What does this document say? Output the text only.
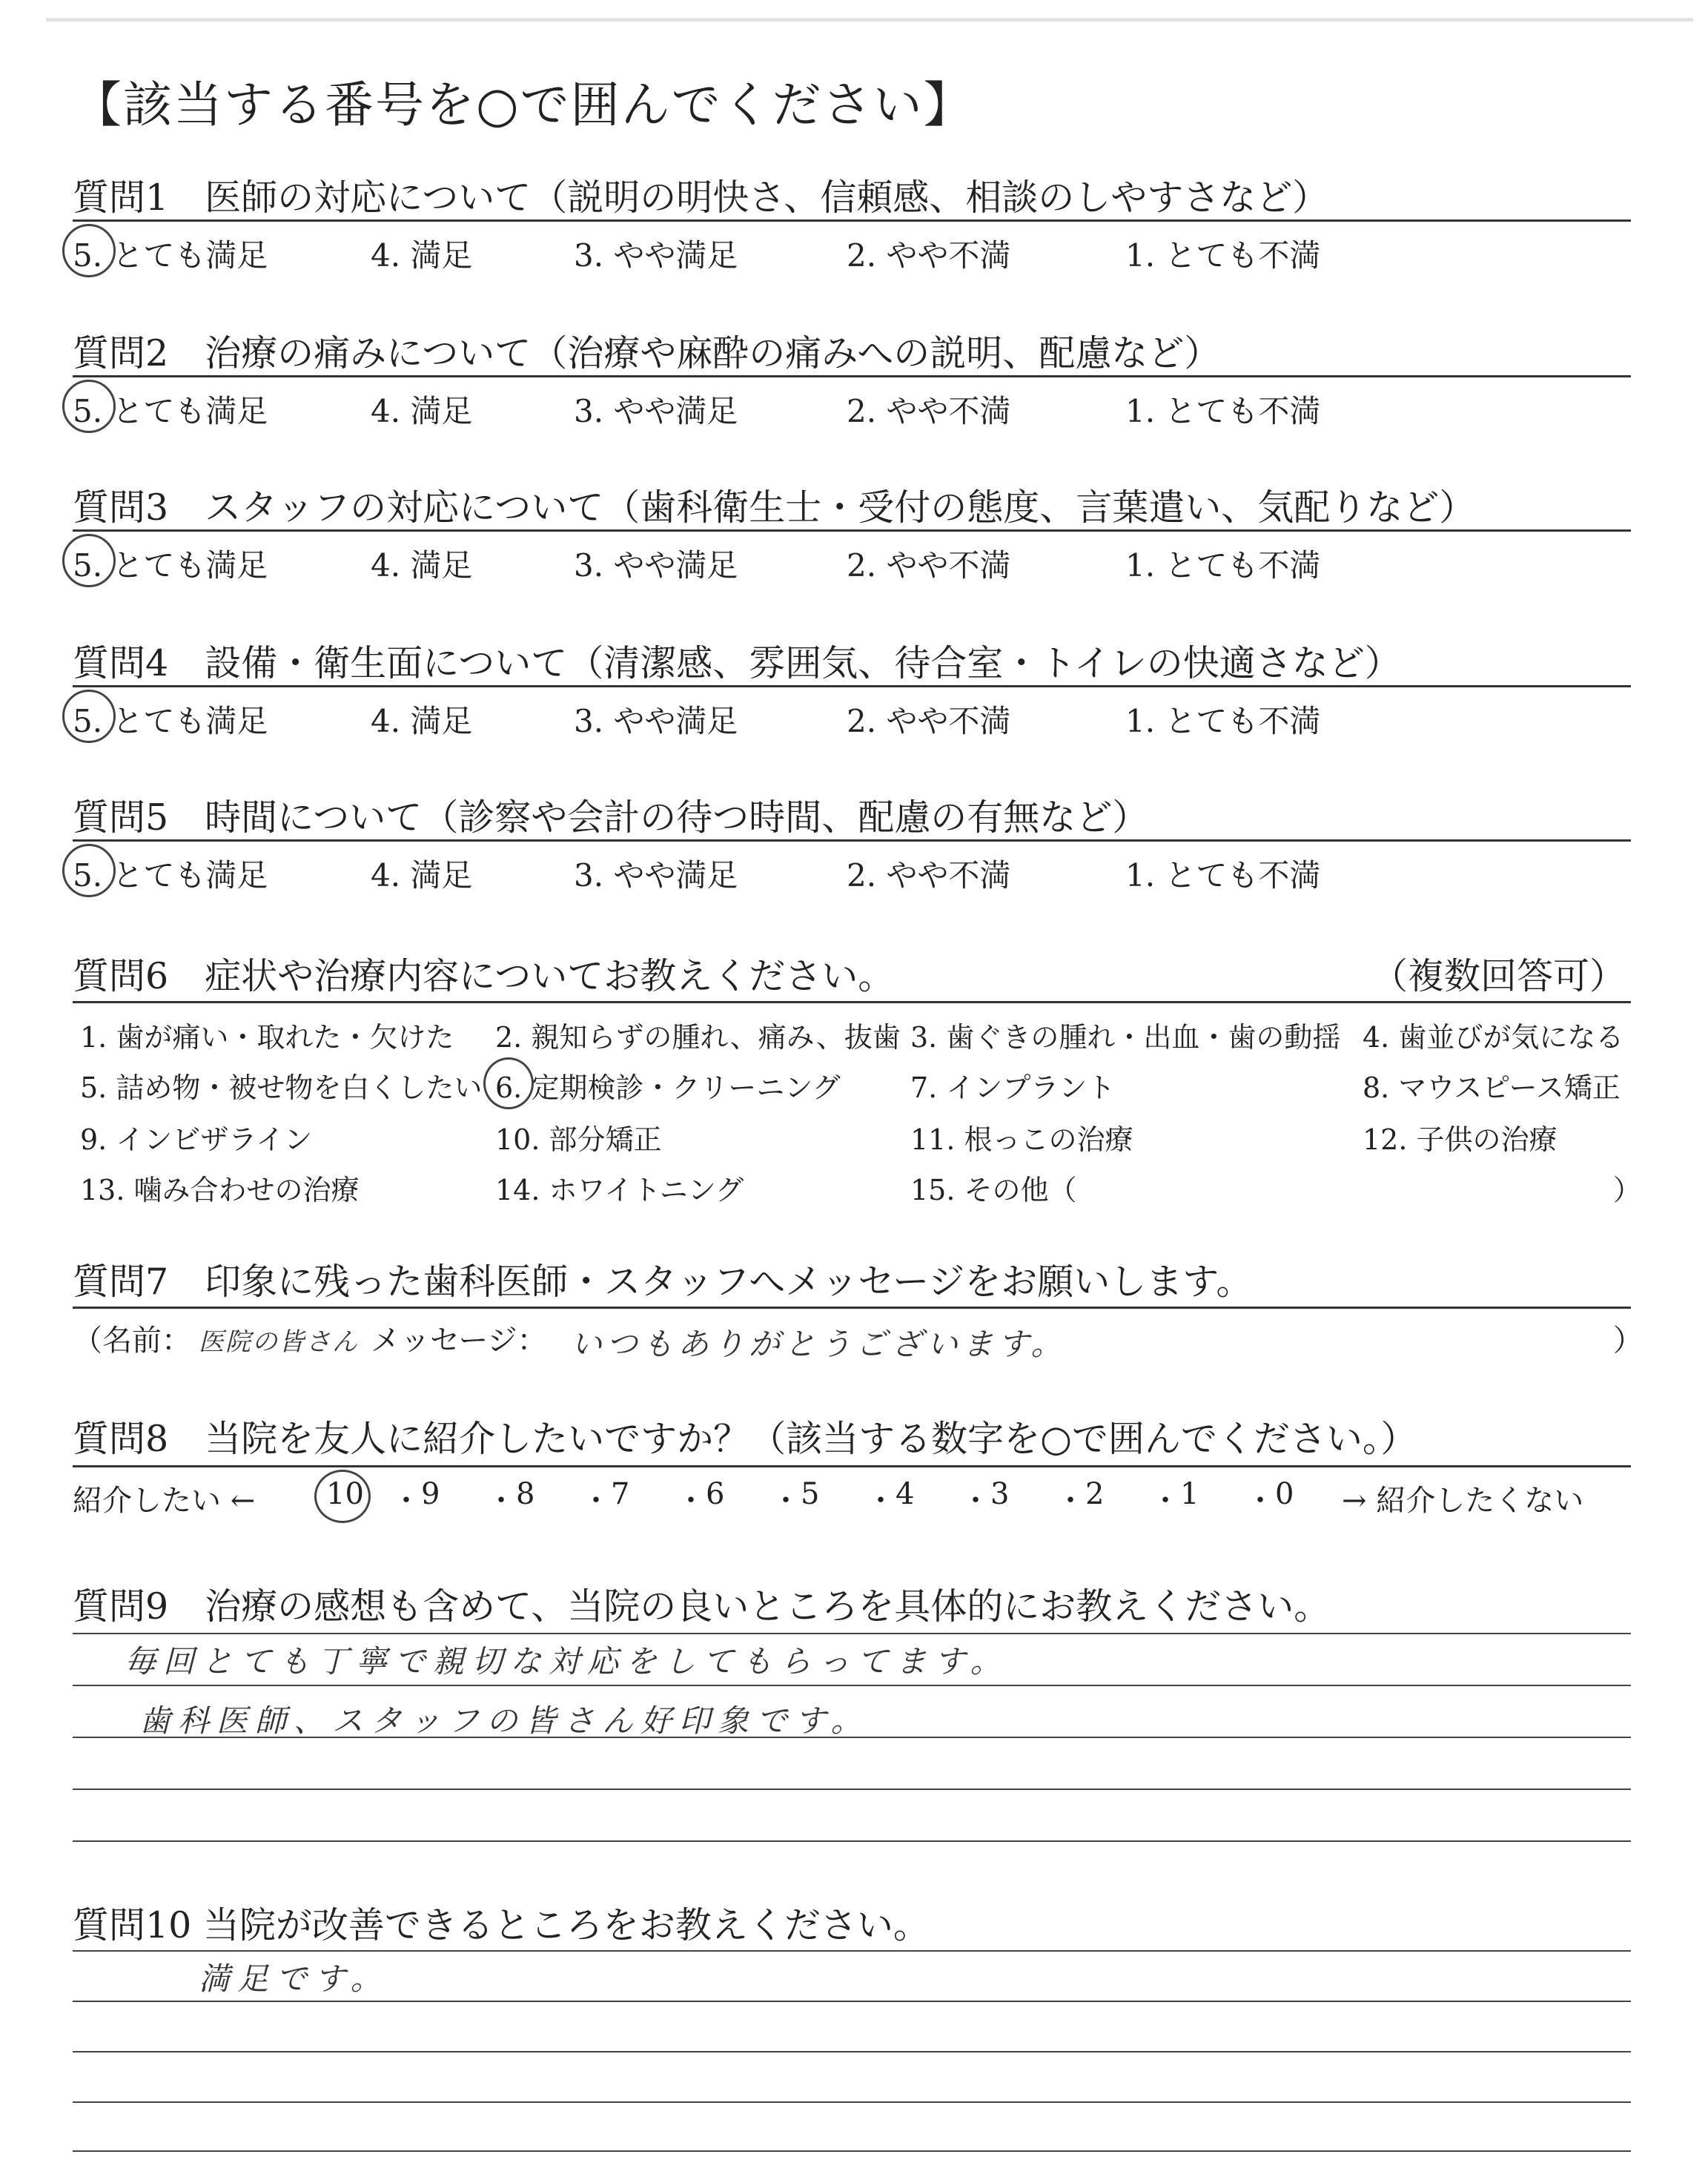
【該当する番号を○で囲んでください】
質問1　医師の対応について（説明の明快さ、信頼感、相談のしやすさなど）
5. とても満足	4. 満足	3. やや満足	2. やや不満	1. とても不満
質問2　治療の痛みについて（治療や麻酔の痛みへの説明、配慮など）
5. とても満足	4. 満足	3. やや満足	2. やや不満	1. とても不満
質問3　スタッフの対応について（歯科衛生士・受付の態度、言葉遣い、気配りなど）
5. とても満足	4. 満足	3. やや満足	2. やや不満	1. とても不満
質問4　設備・衛生面について（清潔感、雰囲気、待合室・トイレの快適さなど）
5. とても満足	4. 満足	3. やや満足	2. やや不満	1. とても不満
質問5　時間について（診察や会計の待つ時間、配慮の有無など）
5. とても満足	4. 満足	3. やや満足	2. やや不満	1. とても不満
質問6　症状や治療内容についてお教えください。	（複数回答可）
1. 歯が痛い・取れた・欠けた 2. 親知らずの腫れ、痛み、抜歯 3. 歯ぐきの腫れ・出血・歯の動揺 4. 歯並びが気になる
5. 詰め物・被せ物を白くしたい 6. 定期検診・クリーニング 7. インプラント	8. マウスピース矯正
9. インビザライン	10. 部分矯正	11. 根っこの治療	12. 子供の治療
13. 噛み合わせの治療	14. ホワイトニング	15. その他（	）
質問7　印象に残った歯科医師・スタッフへメッセージをお願いします。
（名前： 医院の皆さん メッセージ： いつもありがとうございます。	）
質問8　当院を友人に紹介したいですか？（該当する数字を○で囲んでください。）
紹介したい ← 10 ・ 9 ・ 8 ・ 7 ・ 6 ・ 5 ・ 4 ・ 3 ・ 2 ・ 1 ・ 0 → 紹介したくない
質問9　治療の感想も含めて、当院の良いところを具体的にお教えください。
毎回とても丁寧で親切な対応をしてもらってます。
歯科医師、スタッフの皆さん好印象です。
質問10 当院が改善できるところをお教えください。
満足です。
